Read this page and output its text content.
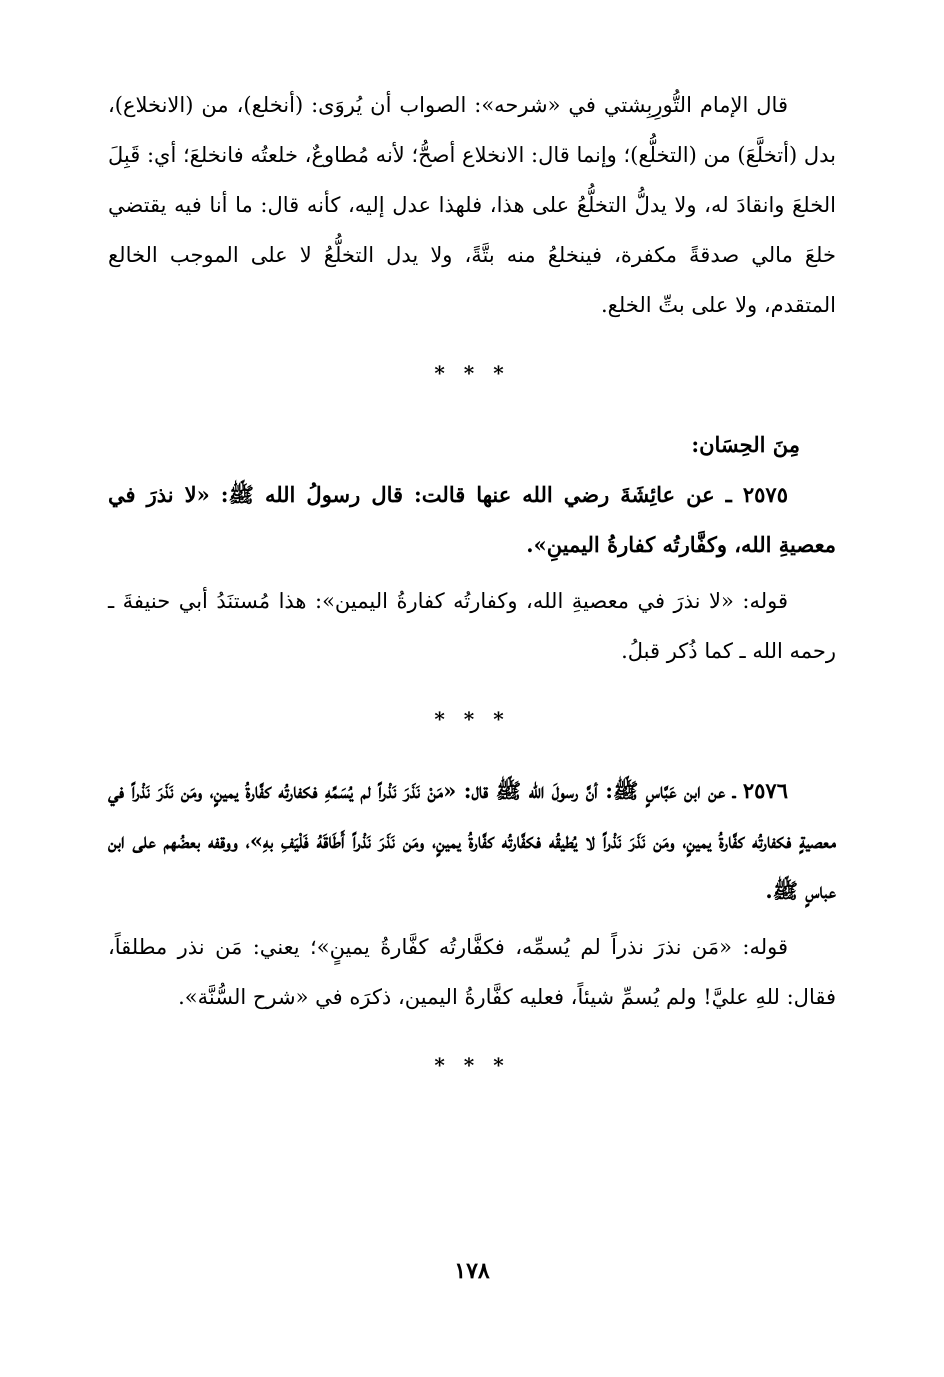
قال الإمام التُّورِبِشتي في «شرحه»: الصواب أن يُروَى: (أنخلع)، من (الانخلاع)، بدل (أتخلَّعَ) من (التخلُّع)؛ وإنما قال: الانخلاع أصحُّ؛ لأنه مُطاوعٌ، خلعتُه فانخلعَ؛ أي: قَبِلَ الخلعَ وانقادَ له، ولا يدلُّ التخلُّعُ على هذا، فلهذا عدل إليه، كأنه قال: ما أنا فيه يقتضي خلعَ مالي صدقةً مكفرة، فينخلعُ منه بتَّةً، ولا يدل التخلُّعُ لا على الموجب الخالع المتقدم، ولا على بتِّ الخلع.

* * *

مِنَ الحِسَان:

٢٥٧٥ ـ عن عائِشَةَ رضي الله عنها قالت: قال رسولُ الله ﷺ: «لا نذرَ في معصيةِ الله، وكفَّارتُه كفارةُ اليمينِ».

قوله: «لا نذرَ في معصيةِ الله، وكفارتُه كفارةُ اليمين»: هذا مُستنَدُ أبي حنيفةَ ـ رحمه الله ـ كما ذُكر قبلُ.

* * *

٢٥٧٦ ـ عن ابن عَبَّاسٍ ﷺ: أنَّ رسولَ الله ﷺ قال: «مَنْ نَذَرَ نَذْراً لم يُسَمِّهِ فكفارتُه كفَّارةُ يمينٍ، ومَن نَذَرَ نَذْراً في معصيةٍ فكفارتُه كفَّارةُ يمينٍ، ومَن نَذَرَ نَذْراً لا يُطيقُه فكفَّارتُه كفَّارةُ يمينٍ، ومَن نَذَرَ نَذْراً أَطَاقَهُ فَلْيَفِ بهِ»، ووقفه بعضُهم على ابن عباسٍ ﷺ.

قوله: «مَن نذرَ نذراً لم يُسمِّه، فكفَّارتُه كفَّارةُ يمينٍ»؛ يعني: مَن نذر مطلقاً، فقال: للهِ عليَّ! ولم يُسمِّ شيئاً، فعليه كفَّارةُ اليمين، ذكرَه في «شرح السُّنَّة».

* * *
١٧٨
